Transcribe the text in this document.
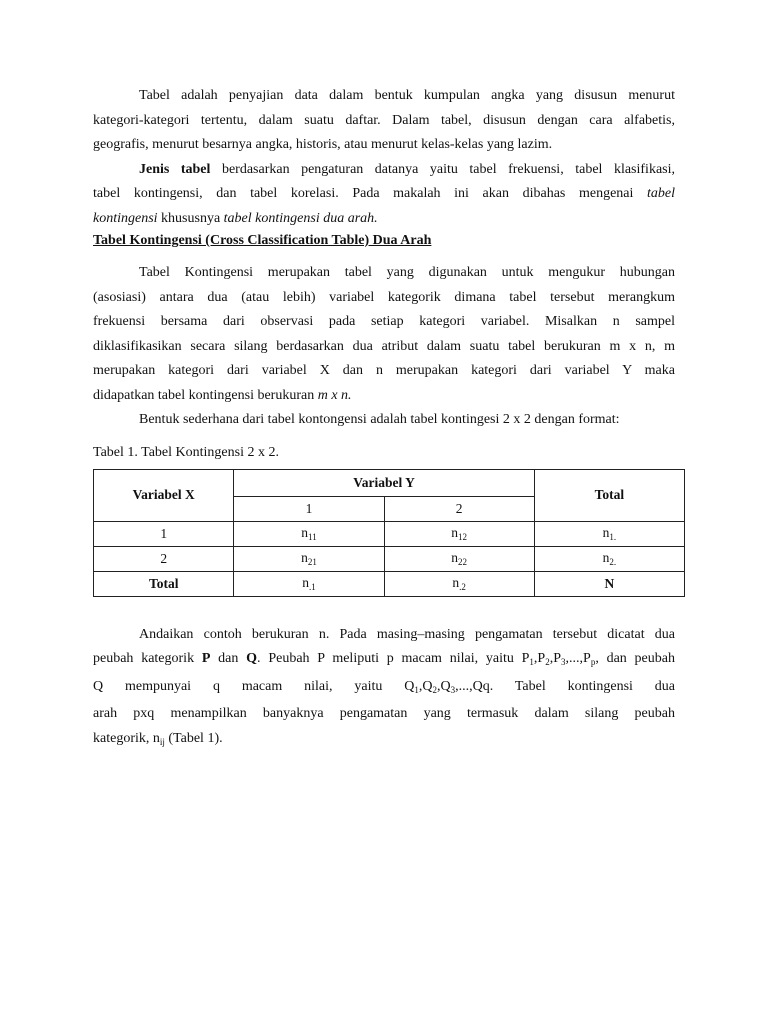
Tabel adalah penyajian data dalam bentuk kumpulan angka yang disusun menurut

kategori-kategori tertentu, dalam suatu daftar. Dalam tabel, disusun dengan cara alfabetis,

geografis, menurut besarnya angka, historis, atau menurut kelas-kelas yang lazim.

Jenis tabel berdasarkan pengaturan datanya yaitu tabel frekuensi, tabel klasifikasi,

tabel kontingensi, dan tabel korelasi. Pada makalah ini akan dibahas mengenai tabel

kontingensi khususnya tabel kontingensi dua arah.

Tabel Kontingensi (Cross Classification Table) Dua Arah

Tabel Kontingensi merupakan tabel yang digunakan untuk mengukur hubungan

(asosiasi) antara dua (atau lebih) variabel kategorik dimana tabel tersebut merangkum

frekuensi bersama dari observasi pada setiap kategori variabel. Misalkan n sampel

diklasifikasikan secara silang berdasarkan dua atribut dalam suatu tabel berukuran m x n, m

merupakan kategori dari variabel X dan n merupakan kategori dari variabel Y maka

didapatkan tabel kontingensi berukuran m x n.

Bentuk sederhana dari tabel kontongensi adalah tabel kontingesi 2 x 2 dengan format:

Tabel 1. Tabel Kontingensi 2 x 2.

Variabel X	Variabel Y		Total
	1	2	
1	$n_{11}$	$n_{12}$	$n_{1.}$
2	$n_{21}$	$n_{22}$	$n_{2.}$
Total	$n_{.1}$	$n_{.2}$	N

Andaikan contoh berukuran n. Pada masing–masing pengamatan tersebut dicatat dua

peubah kategorik P dan Q. Peubah P meliputi p macam nilai, yaitu $P_1,P_2,P_3,...,P_p$, dan peubah

Q mempunyai q macam nilai, yaitu $Q_1,Q_2,Q_3,...,Qq$. Tabel kontingensi dua

arah pxq menampilkan banyaknya pengamatan yang termasuk dalam silang peubah

kategorik, $n_{ij}$ (Tabel 1).
